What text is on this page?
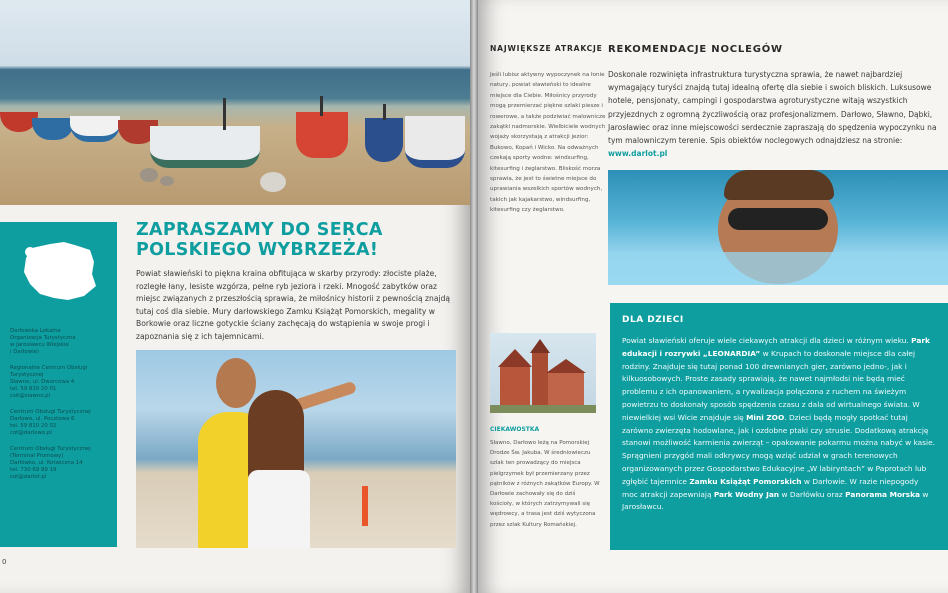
Darłowska Lokalna

Organizacja Turystyczna

w Jarosławcu Wiejskie

i Darłowie)

Regionalne Centrum Obsługi

Turystycznej

Sławno, ul. Dworcowa 4

tel. 59 810 20 01

csit@slawno.pl

Centrum Obsługi Turystycznej

Darłowo, ul. Pocztowa 6

tel. 59 810 20 02

cot@darlowo.pl

Centrum Obsługi Turystycznej

(Terminal Promowy)

Darłówko, ul. Kotwiczna 14

tel. 730 69 99 19

cot@darlot.pl

ZAPRASZAMY DO SERCA
POLSKIEGO WYBRZEŻA!

Powiat sławieński to piękna kraina obfitująca w skarby przyrody: złociste plaże, rozległe łany, lesiste wzgórza, pełne ryb jeziora i rzeki. Mnogość zabytków oraz miejsc związanych z przeszłością sprawia, że miłośnicy historii z pewnością znajdą tutaj coś dla siebie. Mury darłowskiego Zamku Książąt Pomorskich, megality w Borkowie oraz liczne gotyckie ściany zachęcają do wstąpienia w swoje progi i zapoznania się z ich tajemnicami.

0
NAJWIĘKSZE ATRAKCJE

Jeśli lubisz aktywny wypoczynek na łonie natury, powiat sławieński to idealne miejsce dla Ciebie. Miłośnicy przyrody mogą przemierzać piękne szlaki piesze i rowerowe, a także podziwiać malownicze zakątki nadmorskie. Wielbiciele wodnych wojaży skorzystają z atrakcji jezior: Bukowo, Kopań i Wicko. Na odważnych czekają sporty wodne: windsurfing, kitesurfing i żeglarstwo. Bliskość morza sprawia, że jest to świetne miejsce do uprawiania wszelkich sportów wodnych, takich jak kajakarstwo, windsurfing, kitesurfing czy żeglarstwo.

CIEKAWOSTKA

Sławno, Darłowo leżą na Pomorskiej Drodze Św. Jakuba. W średniowieczu szlak ten prowadzący do miejsca pielgrzymek był przemierzany przez pątników z różnych zakątków Europy. W Darłowie zachowały się do dziś kościoły, w których zatrzymywali się wędrowcy, a trasa jest dziś wytyczona przez szlak Kultury Romańskiej.

REKOMENDACJE NOCLEGÓW

Doskonale rozwinięta infrastruktura turystyczna sprawia, że nawet najbardziej wymagający turyści znajdą tutaj idealną ofertę dla siebie i swoich bliskich. Luksusowe hotele, pensjonaty, campingi i gospodarstwa agroturystyczne witają wszystkich przyjezdnych z ogromną życzliwością oraz profesjonalizmem. Darłowo, Sławno, Dąbki, Jarosławiec oraz inne miejscowości serdecznie zapraszają do spędzenia wypoczynku na tym malowniczym terenie. Spis obiektów noclegowych odnajdziesz na stronie: www.darlot.pl

DLA DZIECI

Powiat sławieński oferuje wiele ciekawych atrakcji dla dzieci w różnym wieku. Park edukacji i rozrywki „LEONARDIA” w Krupach to doskonałe miejsce dla całej rodziny. Znajduje się tutaj ponad 100 drewnianych gier, zarówno jedno-, jak i kilkuosobowych. Proste zasady sprawiają, że nawet najmłodsi nie będą mieć problemu z ich opanowaniem, a rywalizacja połączona z ruchem na świeżym powietrzu to doskonały sposób spędzenia czasu z dala od wirtualnego świata. W niewielkiej wsi Wicie znajduje się Mini ZOO. Dzieci będą mogły spotkać tutaj zarówno zwierzęta hodowlane, jak i ozdobne ptaki czy strusie. Dodatkową atrakcję stanowi możliwość karmienia zwierząt – opakowanie pokarmu można nabyć w kasie. Sprągnieni przygód mali odkrywcy mogą wziąć udział w grach terenowych organizowanych przez Gospodarstwo Edukacyjne „W labiryntach” w Paprotach lub zgłębić tajemnice Zamku Książąt Pomorskich w Darłowie. W razie niepogody moc atrakcji zapewniają Park Wodny Jan w Darłówku oraz Panorama Morska w Jarosławcu.
